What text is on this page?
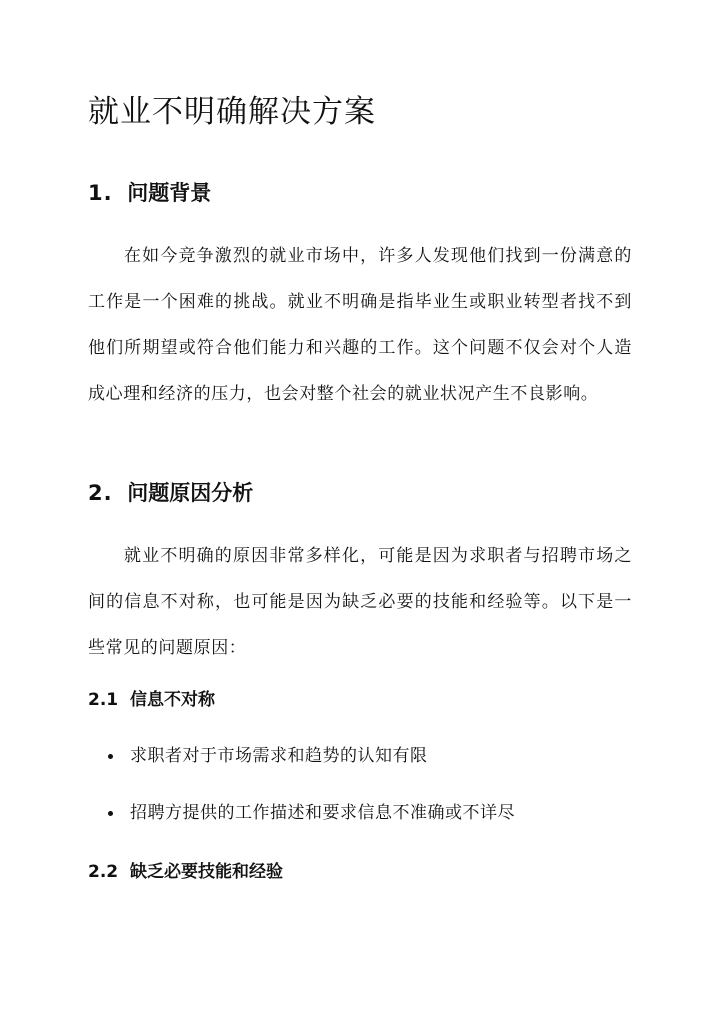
就业不明确解决方案
1. 问题背景

在如今竞争激烈的就业市场中，许多人发现他们找到一份满意的工作是一个困难的挑战。就业不明确是指毕业生或职业转型者找不到他们所期望或符合他们能力和兴趣的工作。这个问题不仅会对个人造成心理和经济的压力，也会对整个社会的就业状况产生不良影响。

2. 问题原因分析

就业不明确的原因非常多样化，可能是因为求职者与招聘市场之间的信息不对称，也可能是因为缺乏必要的技能和经验等。以下是一些常见的问题原因：

2.1 信息不对称
求职者对于市场需求和趋势的认知有限
招聘方提供的工作描述和要求信息不准确或不详尽
2.2 缺乏必要技能和经验
